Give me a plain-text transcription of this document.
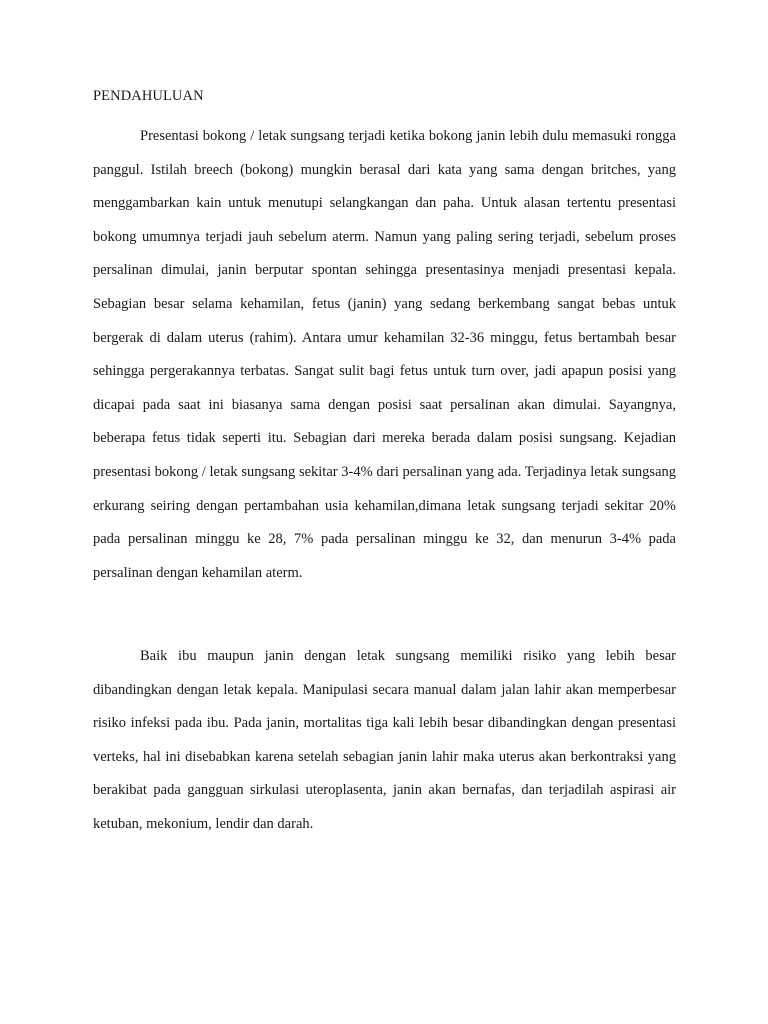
PENDAHULUAN

Presentasi bokong / letak sungsang terjadi ketika bokong janin lebih dulu memasuki rongga panggul. Istilah breech (bokong) mungkin berasal dari kata yang sama dengan britches, yang menggambarkan kain untuk menutupi selangkangan dan paha. Untuk alasan tertentu presentasi bokong umumnya terjadi jauh sebelum aterm. Namun yang paling sering terjadi, sebelum proses persalinan dimulai, janin berputar spontan sehingga presentasinya menjadi presentasi kepala. Sebagian besar selama kehamilan, fetus (janin) yang sedang berkembang sangat bebas untuk bergerak di dalam uterus (rahim). Antara umur kehamilan 32-36 minggu, fetus bertambah besar sehingga pergerakannya terbatas. Sangat sulit bagi fetus untuk turn over, jadi apapun posisi yang dicapai pada saat ini biasanya sama dengan posisi saat persalinan akan dimulai. Sayangnya, beberapa fetus tidak seperti itu. Sebagian dari mereka berada dalam posisi sungsang. Kejadian presentasi bokong / letak sungsang sekitar 3-4% dari persalinan yang ada. Terjadinya letak sungsang erkurang seiring dengan pertambahan usia kehamilan,dimana letak sungsang terjadi sekitar 20% pada persalinan minggu ke 28, 7% pada persalinan minggu ke 32, dan menurun 3-4% pada persalinan dengan kehamilan aterm.

Baik ibu maupun janin dengan letak sungsang memiliki risiko yang lebih besar dibandingkan dengan letak kepala. Manipulasi secara manual dalam jalan lahir akan memperbesar risiko infeksi pada ibu. Pada janin, mortalitas tiga kali lebih besar dibandingkan dengan presentasi verteks, hal ini disebabkan karena setelah sebagian janin lahir maka uterus akan berkontraksi yang berakibat pada gangguan sirkulasi uteroplasenta, janin akan bernafas, dan terjadilah aspirasi air ketuban, mekonium, lendir dan darah.
